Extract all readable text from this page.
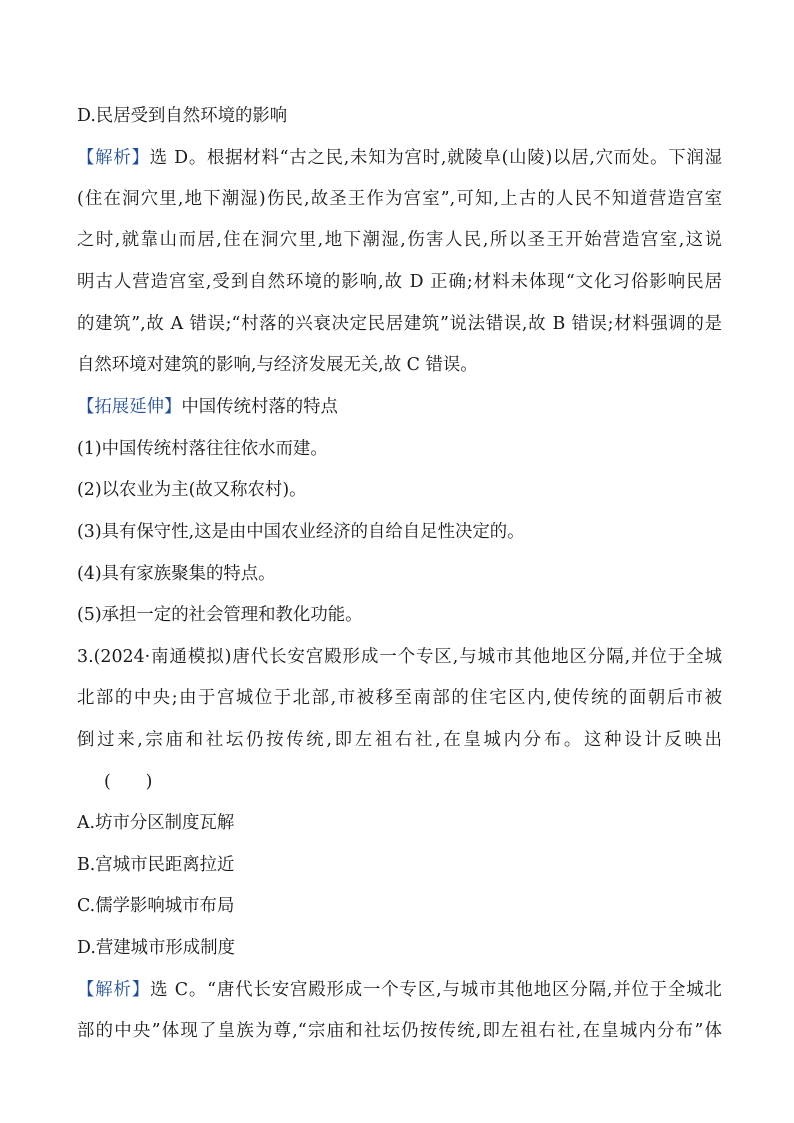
D.民居受到自然环境的影响
【解析】选 D。根据材料“古之民,未知为宫时,就陵阜(山陵)以居,穴而处。下润湿
(住在洞穴里,地下潮湿)伤民,故圣王作为宫室”,可知,上古的人民不知道营造宫室
之时,就靠山而居,住在洞穴里,地下潮湿,伤害人民,所以圣王开始营造宫室,这说
明古人营造宫室,受到自然环境的影响,故 D 正确;材料未体现“文化习俗影响民居
的建筑”,故 A 错误;“村落的兴衰决定民居建筑”说法错误,故 B 错误;材料强调的是
自然环境对建筑的影响,与经济发展无关,故 C 错误。
【拓展延伸】中国传统村落的特点
(1)中国传统村落往往依水而建。
(2)以农业为主(故又称农村)。
(3)具有保守性,这是由中国农业经济的自给自足性决定的。
(4)具有家族聚集的特点。
(5)承担一定的社会管理和教化功能。
3.(2024·南通模拟)唐代长安宫殿形成一个专区,与城市其他地区分隔,并位于全城
北部的中央;由于宫城位于北部,市被移至南部的住宅区内,使传统的面朝后市被
倒过来,宗庙和社坛仍按传统,即左祖右社,在皇城内分布。这种设计反映出
(　　)
A.坊市分区制度瓦解
B.宫城市民距离拉近
C.儒学影响城市布局
D.营建城市形成制度
【解析】选 C。“唐代长安宫殿形成一个专区,与城市其他地区分隔,并位于全城北
部的中央”体现了皇族为尊,“宗庙和社坛仍按传统,即左祖右社,在皇城内分布”体
